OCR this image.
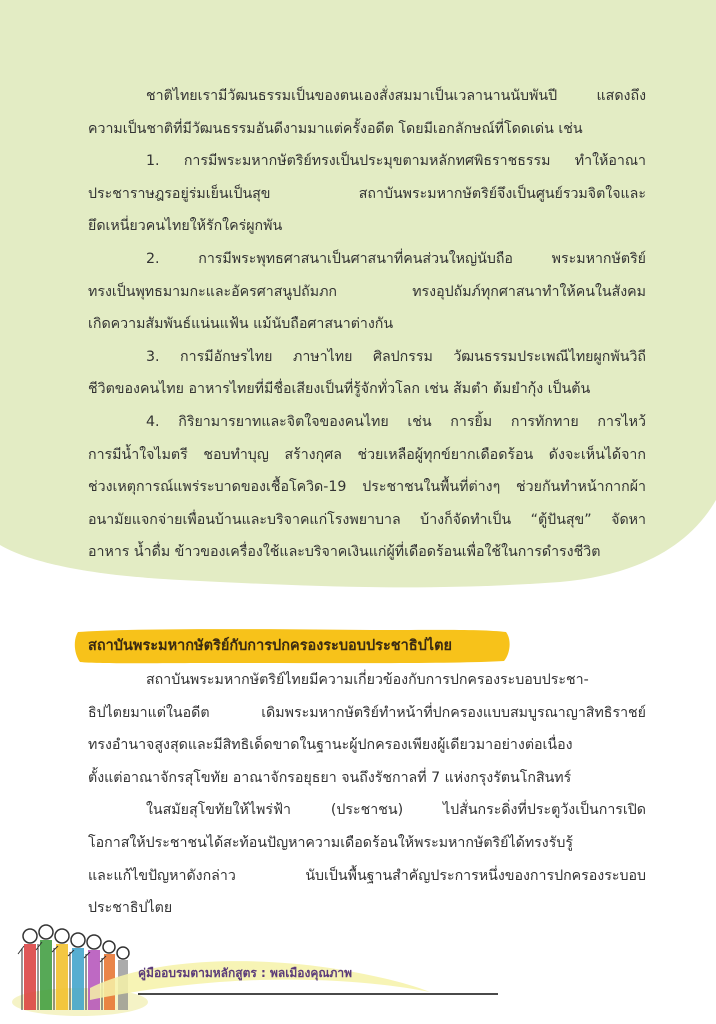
ชาติไทยเรามีวัฒนธรรมเป็นของตนเองสั่งสมมาเป็นเวลานานนับพันปี แสดงถึง

ความเป็นชาติที่มีวัฒนธรรมอันดีงามมาแต่ครั้งอดีต โดยมีเอกลักษณ์ที่โดดเด่น เช่น

1. การมีพระมหากษัตริย์ทรงเป็นประมุขตามหลักทศพิธราชธรรม ทำให้อาณา

ประชาราษฎรอยู่ร่มเย็นเป็นสุข สถาบันพระมหากษัตริย์จึงเป็นศูนย์รวมจิตใจและ

ยึดเหนี่ยวคนไทยให้รักใคร่ผูกพัน

2. การมีพระพุทธศาสนาเป็นศาสนาที่คนส่วนใหญ่นับถือ พระมหากษัตริย์

ทรงเป็นพุทธมามกะและอัครศาสนูปถัมภก ทรงอุปถัมภ์ทุกศาสนาทำให้คนในสังคม

เกิดความสัมพันธ์แน่นแฟ้น แม้นับถือศาสนาต่างกัน

3. การมีอักษรไทย ภาษาไทย ศิลปกรรม วัฒนธรรมประเพณีไทยผูกพันวิถี

ชีวิตของคนไทย อาหารไทยที่มีชื่อเสียงเป็นที่รู้จักทั่วโลก เช่น ส้มตำ ต้มยำกุ้ง เป็นต้น

4. กิริยามารยาทและจิตใจของคนไทย เช่น การยิ้ม การทักทาย การไหว้

การมีน้ำใจไมตรี ชอบทำบุญ สร้างกุศล ช่วยเหลือผู้ทุกข์ยากเดือดร้อน ดังจะเห็นได้จาก

ช่วงเหตุการณ์แพร่ระบาดของเชื้อโควิด-19 ประชาชนในพื้นที่ต่างๆ ช่วยกันทำหน้ากากผ้า

อนามัยแจกจ่ายเพื่อนบ้านและบริจาคแก่โรงพยาบาล บ้างก็จัดทำเป็น “ตู้ปันสุข” จัดหา

อาหาร น้ำดื่ม ข้าวของเครื่องใช้และบริจาคเงินแก่ผู้ที่เดือดร้อนเพื่อใช้ในการดำรงชีวิต

สถาบันพระมหากษัตริย์กับการปกครองระบอบประชาธิปไตย

สถาบันพระมหากษัตริย์ไทยมีความเกี่ยวข้องกับการปกครองระบอบประชา-

ธิปไตยมาแต่ในอดีต เดิมพระมหากษัตริย์ทำหน้าที่ปกครองแบบสมบูรณาญาสิทธิราชย์

ทรงอำนาจสูงสุดและมีสิทธิเด็ดขาดในฐานะผู้ปกครองเพียงผู้เดียวมาอย่างต่อเนื่อง

ตั้งแต่อาณาจักรสุโขทัย อาณาจักรอยุธยา จนถึงรัชกาลที่ 7 แห่งกรุงรัตนโกสินทร์

ในสมัยสุโขทัยให้ไพร่ฟ้า (ประชาชน) ไปสั่นกระดิ่งที่ประตูวังเป็นการเปิด

โอกาสให้ประชาชนได้สะท้อนปัญหาความเดือดร้อนให้พระมหากษัตริย์ได้ทรงรับรู้

และแก้ไขปัญหาดังกล่าว นับเป็นพื้นฐานสำคัญประการหนึ่งของการปกครองระบอบ

ประชาธิปไตย

คู่มืออบรมตามหลักสูตร : พลเมืองคุณภาพ
